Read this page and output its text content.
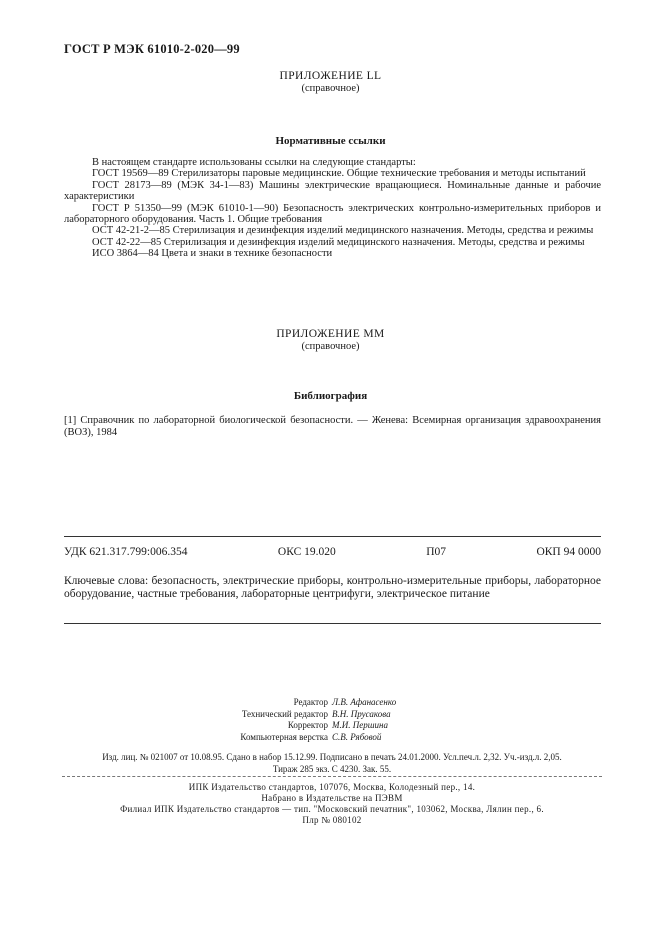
ГОСТ Р МЭК 61010-2-020—99
ПРИЛОЖЕНИЕ LL
(справочное)
Нормативные ссылки

В настоящем стандарте использованы ссылки на следующие стандарты:

ГОСТ 19569—89 Стерилизаторы паровые медицинские. Общие технические требования и методы испытаний

ГОСТ 28173—89 (МЭК 34-1—83) Машины электрические вращающиеся. Номинальные данные и рабочие характеристики

ГОСТ Р 51350—99 (МЭК 61010-1—90) Безопасность электрических контрольно-измерительных приборов и лабораторного оборудования. Часть 1. Общие требования

ОСТ 42-21-2—85 Стерилизация и дезинфекция изделий медицинского назначения. Методы, средства и режимы

ОСТ 42-22—85 Стерилизация и дезинфекция изделий медицинского назначения. Методы, средства и режимы

ИСО 3864—84 Цвета и знаки в технике безопасности

ПРИЛОЖЕНИЕ ММ
(справочное)
Библиография
[1] Справочник по лабораторной биологической безопасности. — Женева: Всемирная организация здравоохранения (ВОЗ), 1984
УДК 621.317.799:006.354	ОКС 19.020	П07	ОКП 94 0000
Ключевые слова: безопасность, электрические приборы, контрольно-измерительные приборы, лабораторное оборудование, частные требования, лабораторные центрифуги, электрическое питание
Редактор Л.В. Афанасенко
Технический редактор В.Н. Прусакова
Корректор М.И. Першина
Компьютерная верстка С.В. Рябовой
Изд. лиц. № 021007 от 10.08.95. Сдано в набор 15.12.99. Подписано в печать 24.01.2000. Усл.печ.л. 2,32. Уч.-изд.л. 2,05.
Тираж 285 экз. С 4230. Зак. 55.
ИПК Издательство стандартов, 107076, Москва, Колодезный пер., 14.
Набрано в Издательстве на ПЭВМ
Филиал ИПК Издательство стандартов — тип. "Московский печатник", 103062, Москва, Лялин пер., 6.
Плр № 080102
